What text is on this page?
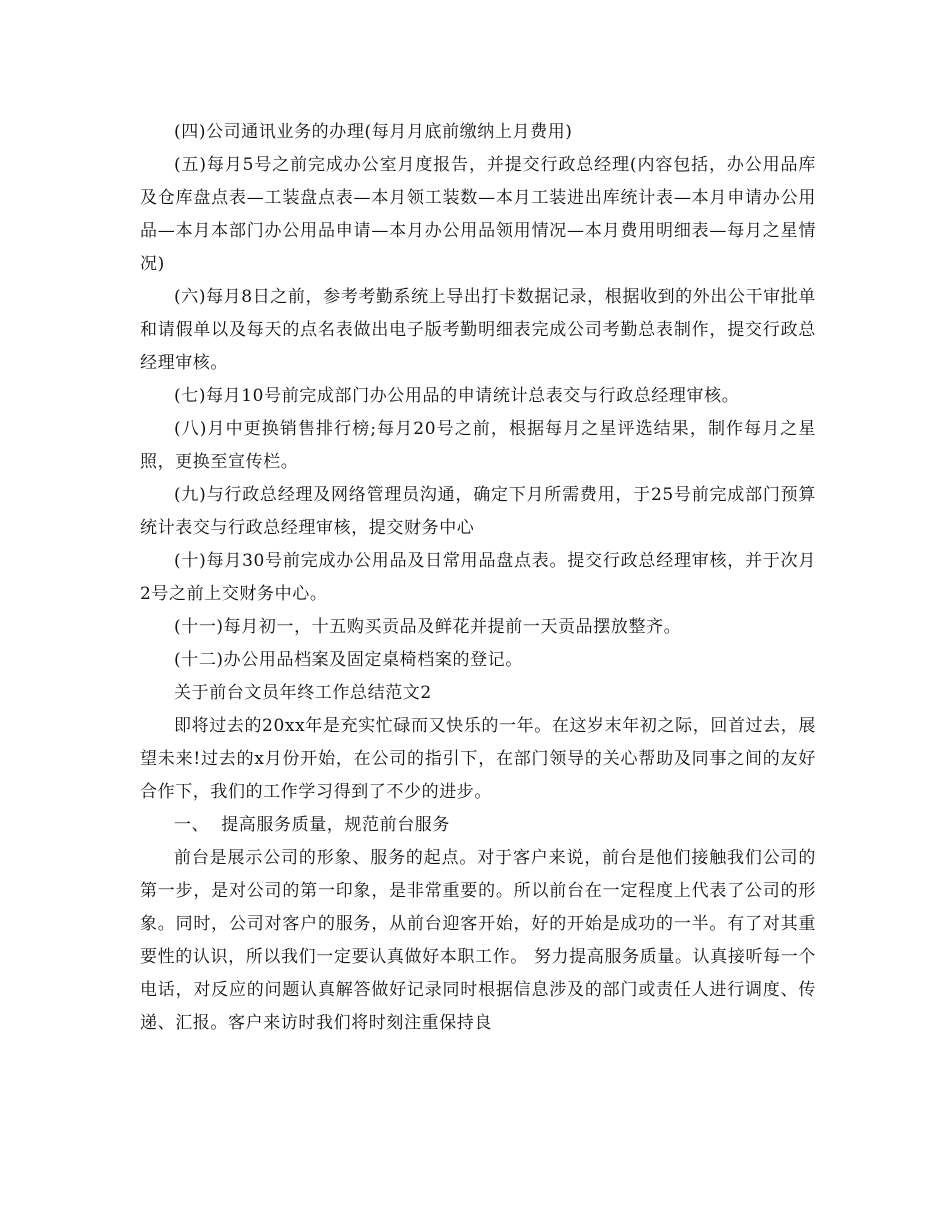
(四)公司通讯业务的办理(每月月底前缴纳上月费用)

(五)每月5号之前完成办公室月度报告，并提交行政总经理(内容包括，办公用品库及仓库盘点表—工装盘点表—本月领工装数—本月工装进出库统计表—本月申请办公用品—本月本部门办公用品申请—本月办公用品领用情况—本月费用明细表—每月之星情况)

(六)每月8日之前，参考考勤系统上导出打卡数据记录，根据收到的外出公干审批单和请假单以及每天的点名表做出电子版考勤明细表完成公司考勤总表制作，提交行政总经理审核。

(七)每月10号前完成部门办公用品的申请统计总表交与行政总经理审核。

(八)月中更换销售排行榜;每月20号之前，根据每月之星评选结果，制作每月之星照，更换至宣传栏。

(九)与行政总经理及网络管理员沟通，确定下月所需费用，于25号前完成部门预算统计表交与行政总经理审核，提交财务中心

(十)每月30号前完成办公用品及日常用品盘点表。提交行政总经理审核，并于次月2号之前上交财务中心。

(十一)每月初一，十五购买贡品及鲜花并提前一天贡品摆放整齐。

(十二)办公用品档案及固定桌椅档案的登记。

关于前台文员年终工作总结范文2

即将过去的20xx年是充实忙碌而又快乐的一年。在这岁末年初之际，回首过去，展望未来!过去的x月份开始，在公司的指引下，在部门领导的关心帮助及同事之间的友好合作下，我们的工作学习得到了不少的进步。

一、  提高服务质量，规范前台服务

前台是展示公司的形象、服务的起点。对于客户来说，前台是他们接触我们公司的第一步，是对公司的第一印象，是非常重要的。所以前台在一定程度上代表了公司的形象。同时，公司对客户的服务，从前台迎客开始，好的开始是成功的一半。有了对其重要性的认识，所以我们一定要认真做好本职工作。 努力提高服务质量。认真接听每一个电话，对反应的问题认真解答做好记录同时根据信息涉及的部门或责任人进行调度、传递、汇报。客户来访时我们将时刻注重保持良
